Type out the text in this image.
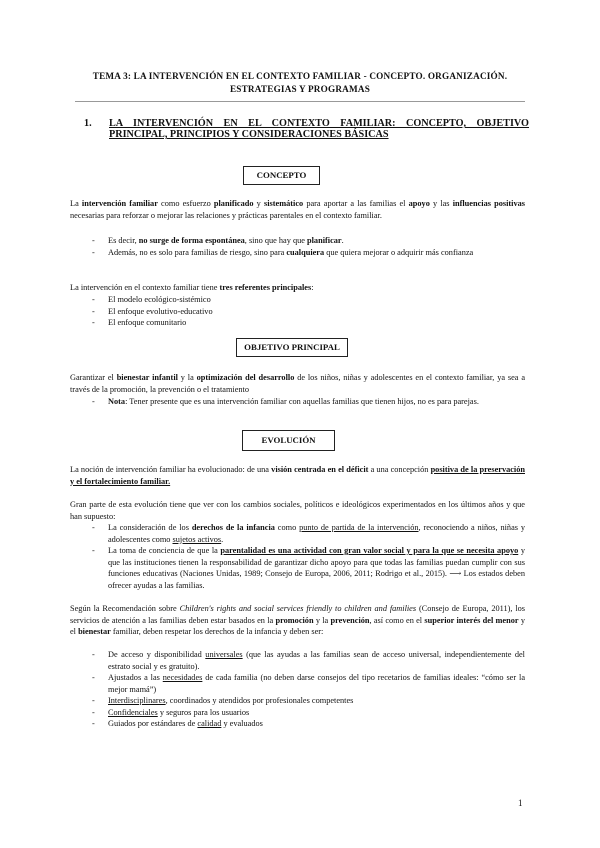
TEMA 3: LA INTERVENCIÓN EN EL CONTEXTO FAMILIAR - CONCEPTO. ORGANIZACIÓN.
ESTRATEGIAS Y PROGRAMAS
1. LA INTERVENCIÓN EN EL CONTEXTO FAMILIAR: CONCEPTO, OBJETIVO PRINCIPAL, PRINCIPIOS Y CONSIDERACIONES BÁSICAS
CONCEPTO

La intervención familiar como esfuerzo planificado y sistemático para aportar a las familias el apoyo y las influencias positivas necesarias para reforzar o mejorar las relaciones y prácticas parentales en el contexto familiar.

- Es decir, no surge de forma espontánea, sino que hay que planificar.
- Además, no es solo para familias de riesgo, sino para cualquiera que quiera mejorar o adquirir más confianza

La intervención en el contexto familiar tiene tres referentes principales:

- El modelo ecológico-sistémico
- El enfoque evolutivo-educativo
- El enfoque comunitario
OBJETIVO PRINCIPAL

Garantizar el bienestar infantil y la optimización del desarrollo de los niños, niñas y adolescentes en el contexto familiar, ya sea a través de la promoción, la prevención o el tratamiento

- Nota: Tener presente que es una intervención familiar con aquellas familias que tienen hijos, no es para parejas.
EVOLUCIÓN

La noción de intervención familiar ha evolucionado: de una visión centrada en el déficit a una concepción positiva de la preservación y el fortalecimiento familiar.

Gran parte de esta evolución tiene que ver con los cambios sociales, políticos e ideológicos experimentados en los últimos años y que han supuesto:

- La consideración de los derechos de la infancia como punto de partida de la intervención, reconociendo a niños, niñas y adolescentes como sujetos activos.
- La toma de conciencia de que la parentalidad es una actividad con gran valor social y para la que se necesita apoyo y que las instituciones tienen la responsabilidad de garantizar dicho apoyo para que todas las familias puedan cumplir con sus funciones educativas (Naciones Unidas, 1989; Consejo de Europa, 2006, 2011; Rodrigo et al., 2015). ⟶ Los estados deben ofrecer ayudas a las familias.

Según la Recomendación sobre Children's rights and social services friendly to children and families (Consejo de Europa, 2011), los servicios de atención a las familias deben estar basados en la promoción y la prevención, así como en el superior interés del menor y el bienestar familiar, deben respetar los derechos de la infancia y deben ser:

- De acceso y disponibilidad universales (que las ayudas a las familias sean de acceso universal, independientemente del estrato social y es gratuito).
- Ajustados a las necesidades de cada familia (no deben darse consejos del tipo recetarios de familias ideales: “cómo ser la mejor mamá”)
- Interdisciplinares, coordinados y atendidos por profesionales competentes
- Confidenciales y seguros para los usuarios
- Guiados por estándares de calidad y evaluados
1
